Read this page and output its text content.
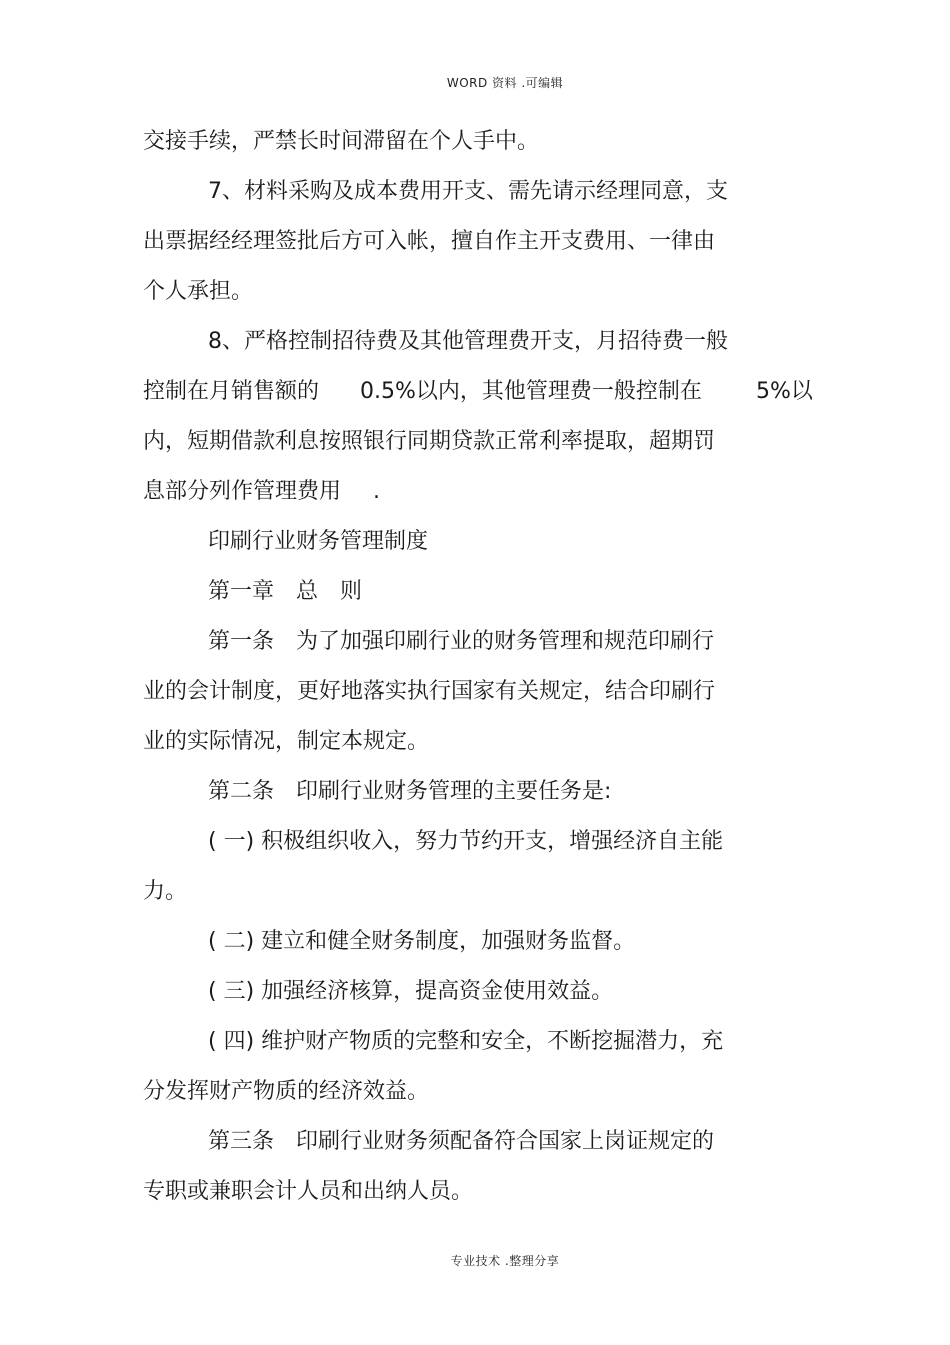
WORD 资料 .可编辑
交接手续，严禁长时间滞留在个人手中。
7、材料采购及成本费用开支、需先请示经理同意，支
出票据经经理签批后方可入帐，擅自作主开支费用、一律由
个人承担。
8、严格控制招待费及其他管理费开支，月招待费一般
控制在月销售额的 0.5%以内，其他管理费一般控制在 5%以
内，短期借款利息按照银行同期贷款正常利率提取，超期罚
息部分列作管理费用 .
印刷行业财务管理制度
第一章　总　则
第一条　为了加强印刷行业的财务管理和规范印刷行
业的会计制度，更好地落实执行国家有关规定，结合印刷行
业的实际情况，制定本规定。
第二条　印刷行业财务管理的主要任务是:
( 一) 积极组织收入，努力节约开支，增强经济自主能
力。
( 二) 建立和健全财务制度，加强财务监督。
( 三) 加强经济核算，提高资金使用效益。
( 四) 维护财产物质的完整和安全，不断挖掘潜力，充
分发挥财产物质的经济效益。
第三条　印刷行业财务须配备符合国家上岗证规定的
专职或兼职会计人员和出纳人员。
专业技术 .整理分享
